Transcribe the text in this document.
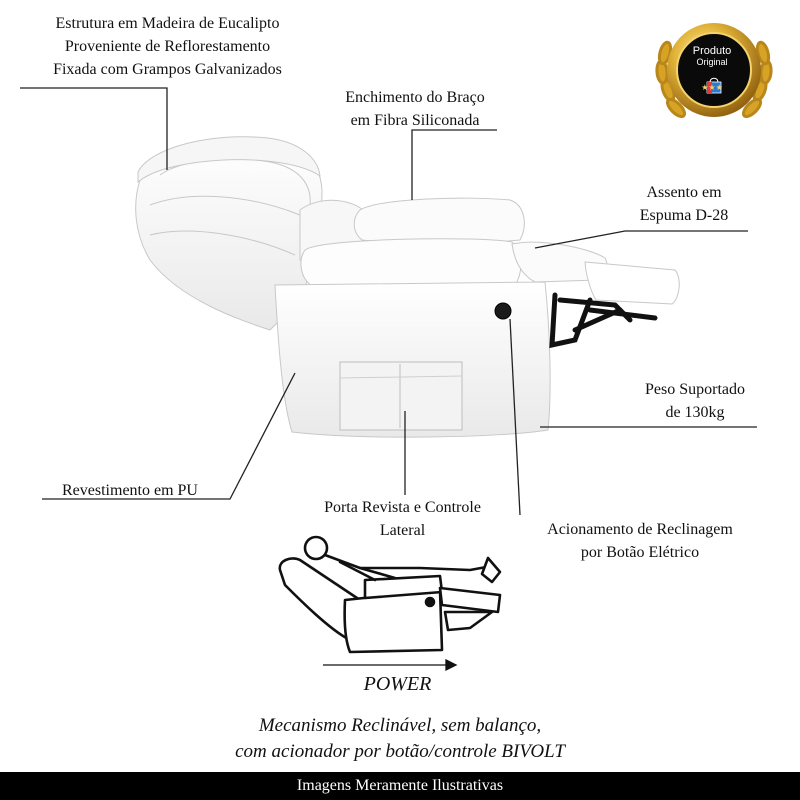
Produto
Original
★★★
Estrutura em Madeira de Eucalipto
Proveniente de Reflorestamento
Fixada com Grampos Galvanizados
Enchimento do Braço
em Fibra Siliconada
Assento em
Espuma D-28
Peso Suportado
de 130kg
Revestimento em PU
Porta Revista e Controle
Lateral	Acionamento de Reclinagem
por Botão Elétrico
POWER
Mecanismo Reclinável, sem balanço,
com acionador por botão/controle BIVOLT
Imagens Meramente Ilustrativas
